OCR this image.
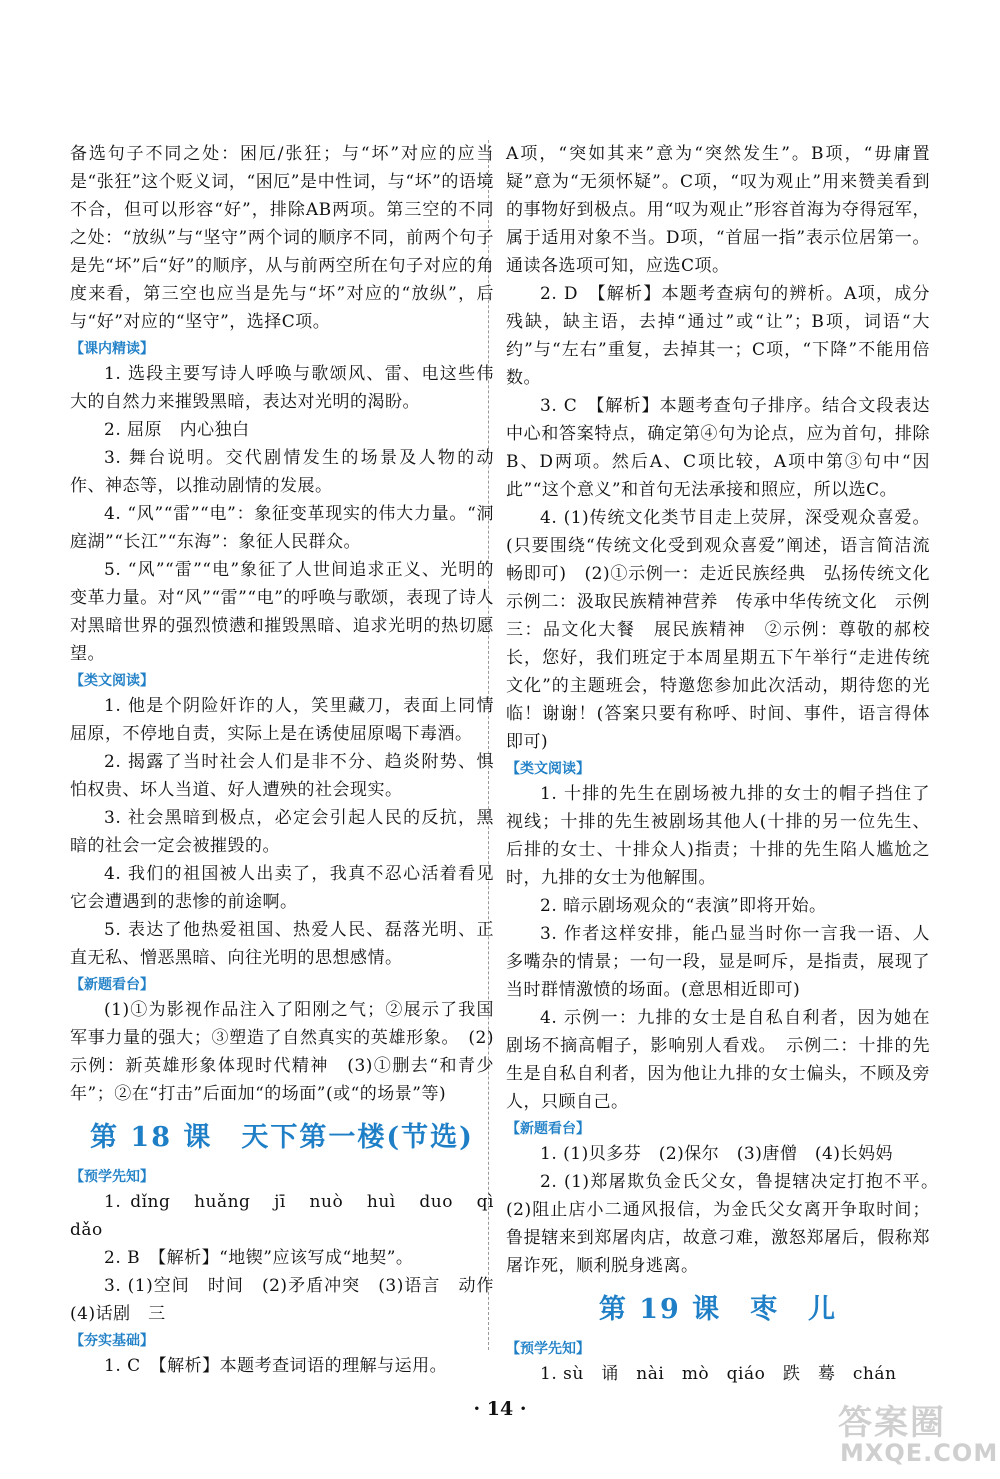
备选句子不同之处：困厄/张狂；与“坏”对应的应当是“张狂”这个贬义词，“困厄”是中性词，与“坏”的语境不合，但可以形容“好”，排除AB两项。第三空的不同之处：“放纵”与“坚守”两个词的顺序不同，前两个句子是先“坏”后“好”的顺序，从与前两空所在句子对应的角度来看，第三空也应当是先与“坏”对应的“放纵”，后与“好”对应的“坚守”，选择C项。

【课内精读】

1. 选段主要写诗人呼唤与歌颂风、雷、电这些伟大的自然力来摧毁黑暗，表达对光明的渴盼。

2. 屈原　内心独白

3. 舞台说明。交代剧情发生的场景及人物的动作、神态等，以推动剧情的发展。

4. “风”“雷”“电”：象征变革现实的伟大力量。“洞庭湖”“长江”“东海”：象征人民群众。

5. “风”“雷”“电”象征了人世间追求正义、光明的变革力量。对“风”“雷”“电”的呼唤与歌颂，表现了诗人对黑暗世界的强烈愤懑和摧毁黑暗、追求光明的热切愿望。

【类文阅读】

1. 他是个阴险奸诈的人，笑里藏刀，表面上同情屈原，不停地自责，实际上是在诱使屈原喝下毒酒。

2. 揭露了当时社会人们是非不分、趋炎附势、惧怕权贵、坏人当道、好人遭殃的社会现实。

3. 社会黑暗到极点，必定会引起人民的反抗，黑暗的社会一定会被摧毁的。

4. 我们的祖国被人出卖了，我真不忍心活着看见它会遭遇到的悲惨的前途啊。

5. 表达了他热爱祖国、热爱人民、磊落光明、正直无私、憎恶黑暗、向往光明的思想感情。

【新题看台】

(1)①为影视作品注入了阳刚之气；②展示了我国军事力量的强大；③塑造了自然真实的英雄形象。　(2)示例：新英雄形象体现时代精神　(3)①删去“和青少年”；②在“打击”后面加“的场面”(或“的场景”等)

第 18 课　天下第一楼(节选)
【预学先知】

1. dǐng　huǎng　jī　nuò　huì　duo　qì　dǎo

2. B　【解析】“地锲”应该写成“地契”。

3. (1)空间　时间　(2)矛盾冲突　(3)语言　动作　(4)话剧　三

【夯实基础】

1. C　【解析】本题考查词语的理解与运用。

A项，“突如其来”意为“突然发生”。B项，“毋庸置疑”意为“无须怀疑”。C项，“叹为观止”用来赞美看到的事物好到极点。用“叹为观止”形容首海为夺得冠军，属于适用对象不当。D项，“首屈一指”表示位居第一。通读各选项可知，应选C项。

2. D　【解析】本题考查病句的辨析。A项，成分残缺，缺主语，去掉“通过”或“让”；B项，词语“大约”与“左右”重复，去掉其一；C项，“下降”不能用倍数。

3. C　【解析】本题考查句子排序。结合文段表达中心和答案特点，确定第④句为论点，应为首句，排除B、D两项。然后A、C项比较，A项中第③句中“因此”“这个意义”和首句无法承接和照应，所以选C。

4. (1)传统文化类节目走上荧屏，深受观众喜爱。(只要围绕“传统文化受到观众喜爱”阐述，语言简洁流畅即可)　(2)①示例一：走近民族经典　弘扬传统文化　示例二：汲取民族精神营养　传承中华传统文化　示例三：品文化大餐　展民族精神　②示例：尊敬的郝校长，您好，我们班定于本周星期五下午举行“走进传统文化”的主题班会，特邀您参加此次活动，期待您的光临！谢谢！(答案只要有称呼、时间、事件，语言得体即可)

【类文阅读】

1. 十排的先生在剧场被九排的女士的帽子挡住了视线；十排的先生被剧场其他人(十排的另一位先生、后排的女士、十排众人)指责；十排的先生陷人尴尬之时，九排的女士为他解围。

2. 暗示剧场观众的“表演”即将开始。

3. 作者这样安排，能凸显当时你一言我一语、人多嘴杂的情景；一句一段，显是呵斥，是指责，展现了当时群情激愤的场面。(意思相近即可)

4. 示例一：九排的女士是自私自利者，因为她在剧场不摘高帽子，影响别人看戏。　示例二：十排的先生是自私自利者，因为他让九排的女士偏头，不顾及旁人，只顾自己。

【新题看台】

1. (1)贝多芬　(2)保尔　(3)唐僧　(4)长妈妈

2. (1)郑屠欺负金氏父女，鲁提辖决定打抱不平。　(2)阻止店小二通风报信，为金氏父女离开争取时间；鲁提辖来到郑屠肉店，故意刁难，激怒郑屠后，假称郑屠诈死，顺利脱身逃离。

第 19 课　枣　儿
【预学先知】

1. sù　诵　nài　mò　qiáo　跌　蓦　chán

· 14 ·	答案圈
MXQE.COM
